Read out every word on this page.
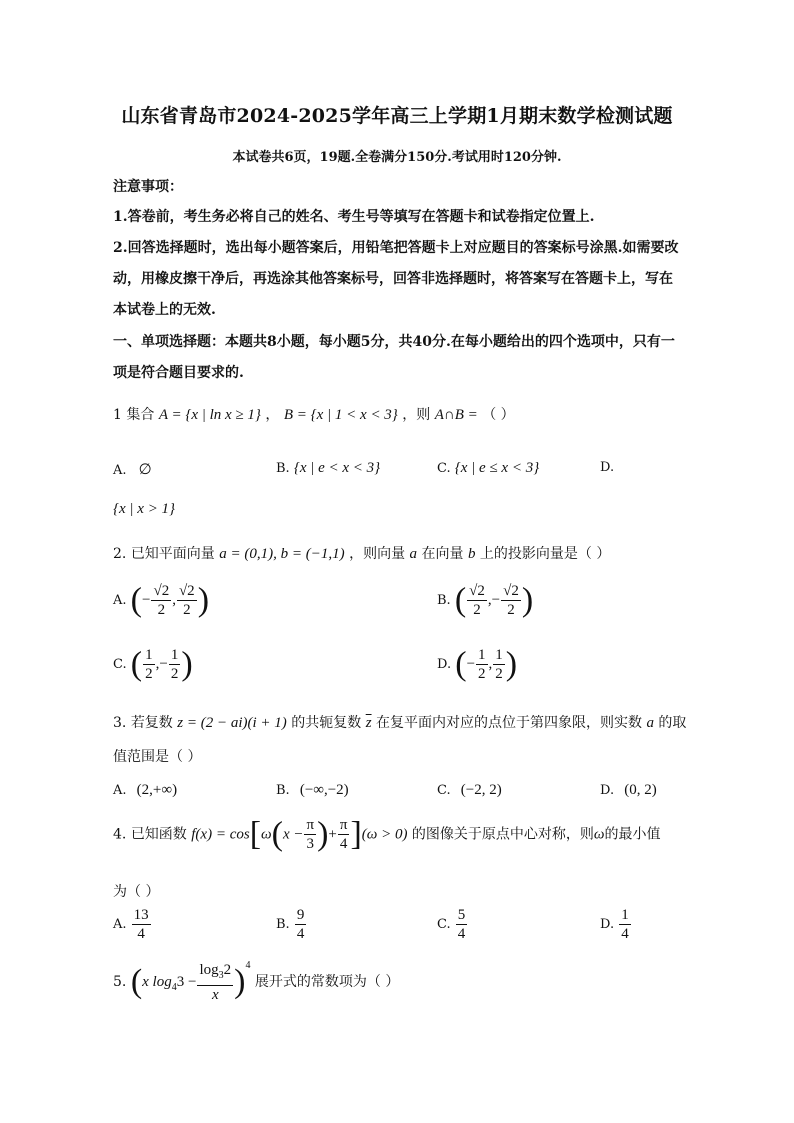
山东省青岛市2024-2025学年高三上学期1月期末数学检测试题
本试卷共6页，19题.全卷满分150分.考试用时120分钟.
注意事项：
1.答卷前，考生务必将自己的姓名、考生号等填写在答题卡和试卷指定位置上.
2.回答选择题时，选出每小题答案后，用铅笔把答题卡上对应题目的答案标号涂黑.如需要改
动，用橡皮擦干净后，再选涂其他答案标号，回答非选择题时，将答案写在答题卡上，写在
本试卷上的无效.
一、单项选择题：本题共8小题，每小题5分，共40分.在每小题给出的四个选项中，只有一
项是符合题目要求的.
1 集合 A = {x | ln x ≥ 1} ， B = {x | 1 < x < 3} ，则 A∩B = （ ）
A. ∅	B. {x | e < x < 3}	C. {x | e ≤ x < 3}	D.
{x | x > 1}
2. 已知平面向量 a = (0,1), b = (−1,1) ，则向量 a 在向量 b 上的投影向量是（ ）
A. (− $\frac{√2}{2}$ , $\frac{√2}{2}$ )	B. ( $\frac{√2}{2}$ ,− $\frac{√2}{2}$ )
C. ( $\frac{1}{2}$ ,− $\frac{1}{2}$ )	D. (− $\frac{1}{2}$ , $\frac{1}{2}$ )
3. 若复数 z = (2 − ai)(i + 1) 的共轭复数 $\overline{z}$ 在复平面内对应的点位于第四象限，则实数 a 的取
值范围是（ ）
A. (2,+∞)	B. (−∞,−2)	C. (−2, 2)	D. (0, 2)
4. 已知函数 $f(x) = \cos[\omega(x - \frac{\pi}{3}$ )+ $\frac{\pi}{4} ](\omega > 0)$ 的图像关于原点中心对称，则ω的最小值
为（ ）
A. $\frac{13}{4}$	B. $\frac{9}{4}$	C. $\frac{5}{4}$	D. $\frac{1}{4}$
5. (x $\log_43 - \frac{\log_32}{x} )^4$ 展开式的常数项为（ ）
